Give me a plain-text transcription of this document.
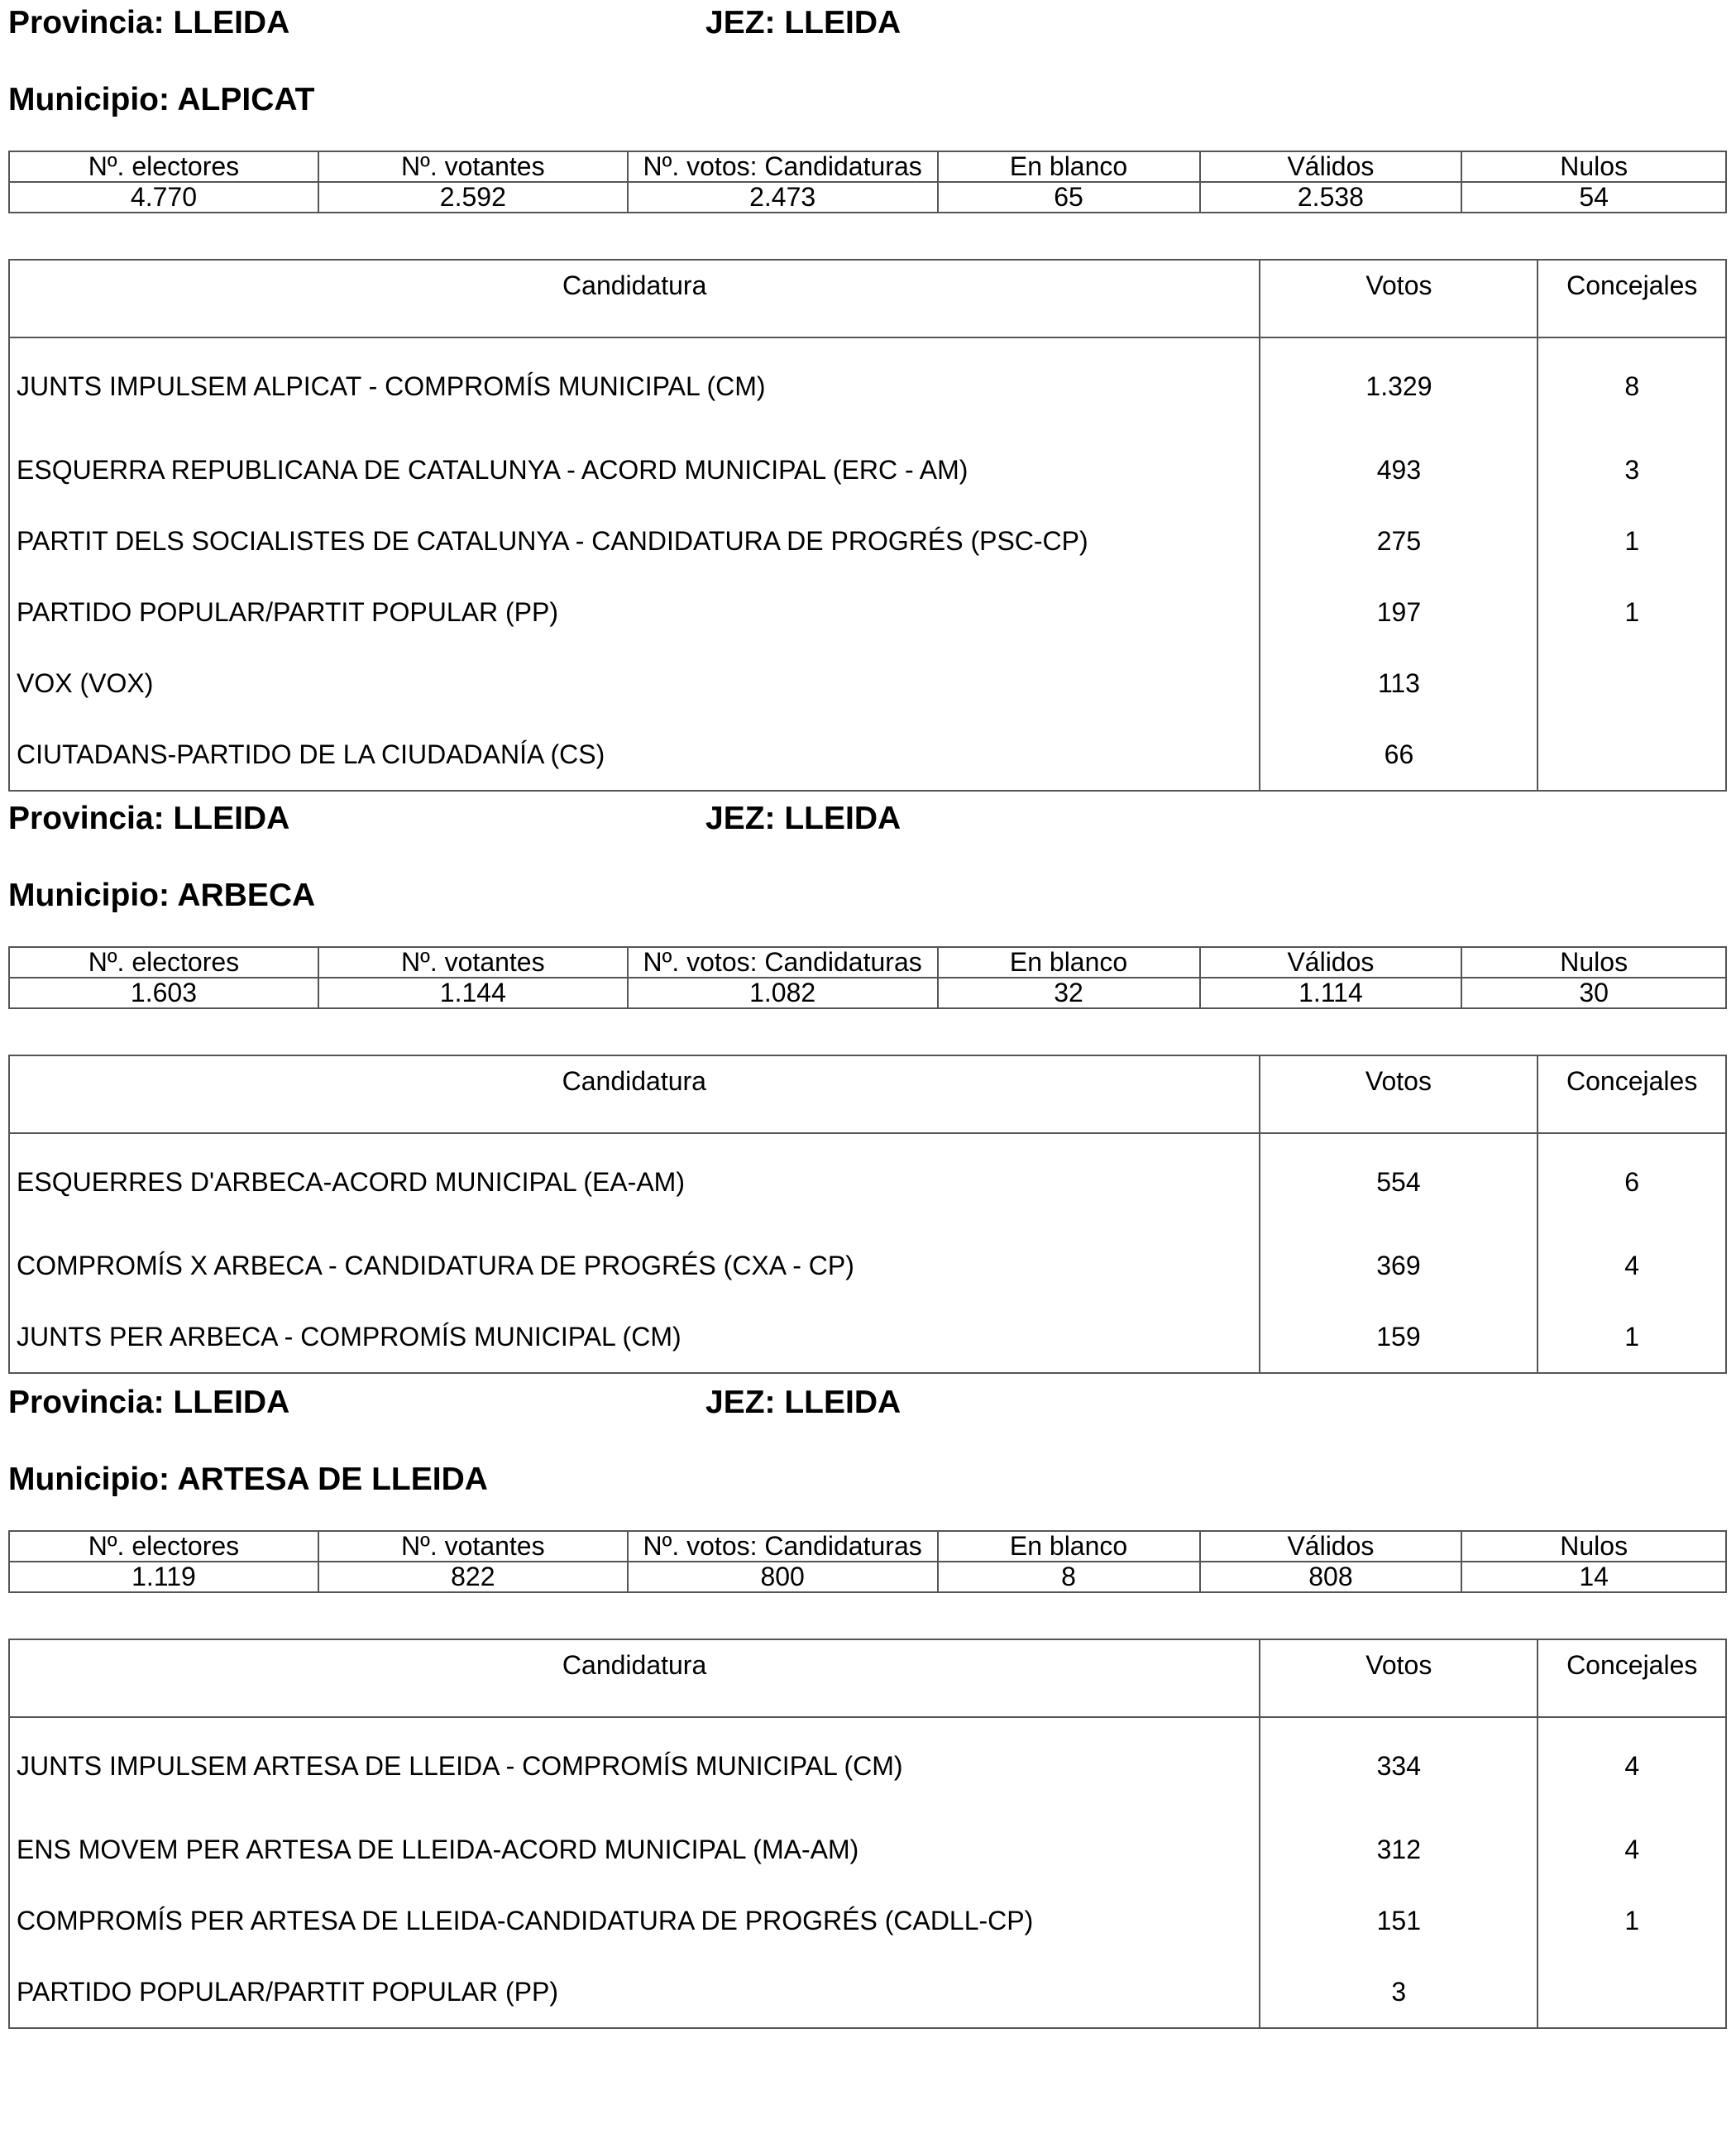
Provincia: LLEIDA	JEZ: LLEIDA
Municipio: ALPICAT
Nº. electores	Nº. votantes	Nº. votos: Candidaturas	En blanco	Válidos	Nulos
4.770	2.592	2.473	65	2.538	54
Candidatura	Votos	Concejales
JUNTS IMPULSEM ALPICAT - COMPROMÍS MUNICIPAL (CM)	1.329	8
ESQUERRA REPUBLICANA DE CATALUNYA - ACORD MUNICIPAL (ERC - AM)	493	3
PARTIT DELS SOCIALISTES DE CATALUNYA - CANDIDATURA DE PROGRÉS (PSC-CP)	275	1
PARTIDO POPULAR/PARTIT POPULAR (PP)	197	1
VOX (VOX)	113	
CIUTADANS-PARTIDO DE LA CIUDADANÍA (CS)	66	
Provincia: LLEIDA	JEZ: LLEIDA
Municipio: ARBECA
Nº. electores	Nº. votantes	Nº. votos: Candidaturas	En blanco	Válidos	Nulos
1.603	1.144	1.082	32	1.114	30
Candidatura	Votos	Concejales
ESQUERRES D'ARBECA-ACORD MUNICIPAL (EA-AM)	554	6
COMPROMÍS X ARBECA - CANDIDATURA DE PROGRÉS (CXA - CP)	369	4
JUNTS PER ARBECA - COMPROMÍS MUNICIPAL (CM)	159	1
Provincia: LLEIDA	JEZ: LLEIDA
Municipio: ARTESA DE LLEIDA
Nº. electores	Nº. votantes	Nº. votos: Candidaturas	En blanco	Válidos	Nulos
1.119	822	800	8	808	14
Candidatura	Votos	Concejales
JUNTS IMPULSEM ARTESA DE LLEIDA - COMPROMÍS MUNICIPAL (CM)	334	4
ENS MOVEM PER ARTESA DE LLEIDA-ACORD MUNICIPAL (MA-AM)	312	4
COMPROMÍS PER ARTESA DE LLEIDA-CANDIDATURA DE PROGRÉS (CADLL-CP)	151	1
PARTIDO POPULAR/PARTIT POPULAR (PP)	3	
